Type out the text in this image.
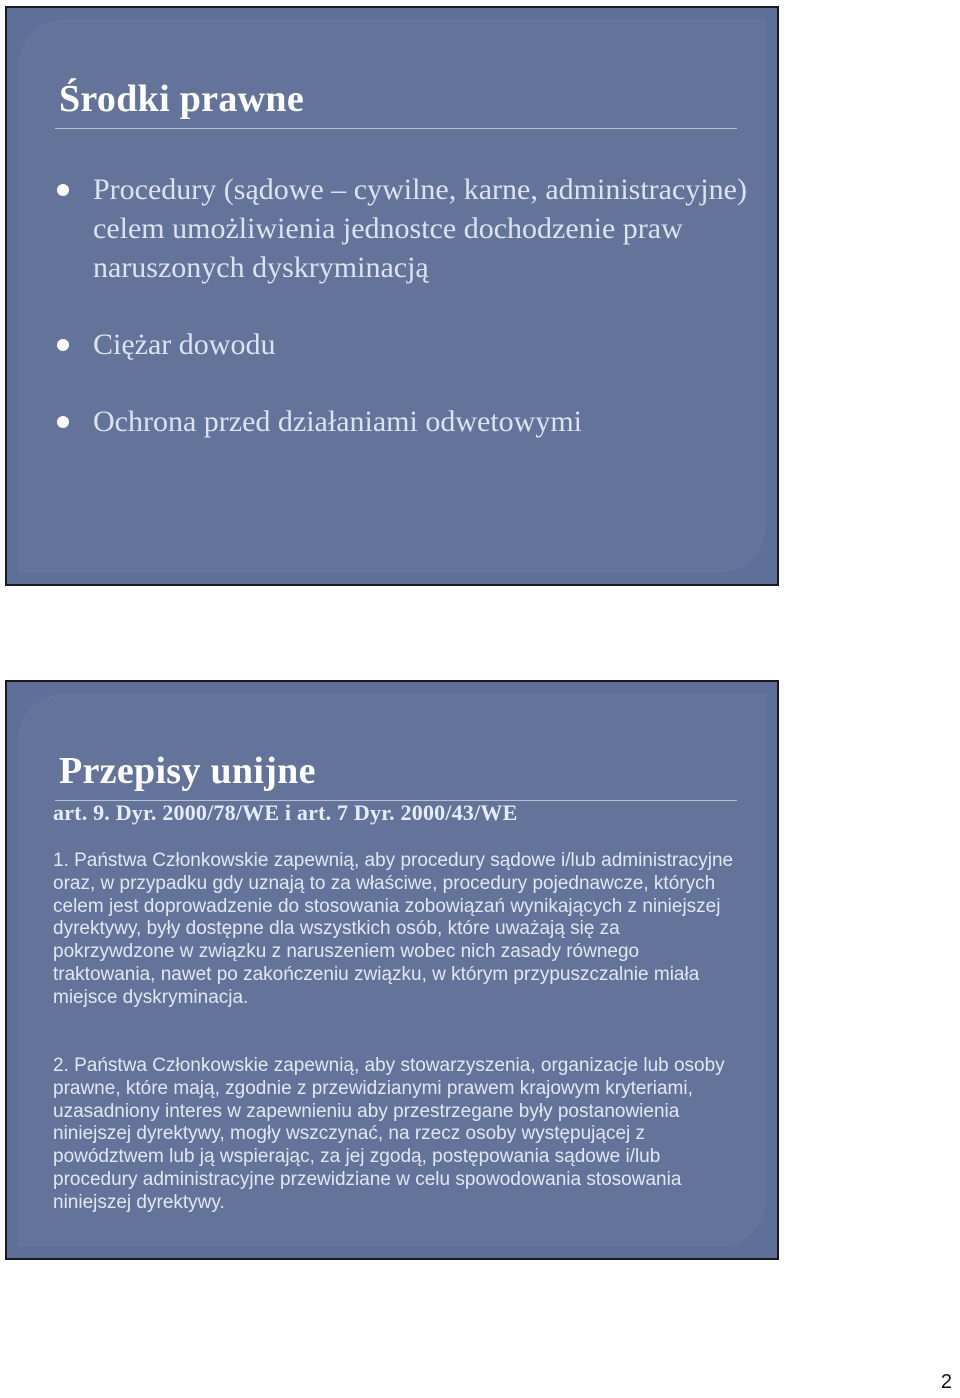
Środki prawne
Procedury (sądowe – cywilne, karne, administracyjne) celem umożliwienia jednostce dochodzenie praw naruszonych dyskryminacją
Ciężar dowodu
Ochrona przed działaniami odwetowymi
Przepisy unijne

art. 9. Dyr. 2000/78/WE i art. 7 Dyr. 2000/43/WE

1. Państwa Członkowskie zapewnią, aby procedury sądowe i/lub administracyjne oraz, w przypadku gdy uznają to za właściwe, procedury pojednawcze, których celem jest doprowadzenie do stosowania zobowiązań wynikających z niniejszej dyrektywy, były dostępne dla wszystkich osób, które uważają się za pokrzywdzone w związku z naruszeniem wobec nich zasady równego traktowania, nawet po zakończeniu związku, w którym przypuszczalnie miała miejsce dyskryminacja.

2. Państwa Członkowskie zapewnią, aby stowarzyszenia, organizacje lub osoby prawne, które mają, zgodnie z przewidzianymi prawem krajowym kryteriami, uzasadniony interes w zapewnieniu aby przestrzegane były postanowienia niniejszej dyrektywy, mogły wszczynać, na rzecz osoby występującej z powództwem lub ją wspierając, za jej zgodą, postępowania sądowe i/lub procedury administracyjne przewidziane w celu spowodowania stosowania niniejszej dyrektywy.

2
